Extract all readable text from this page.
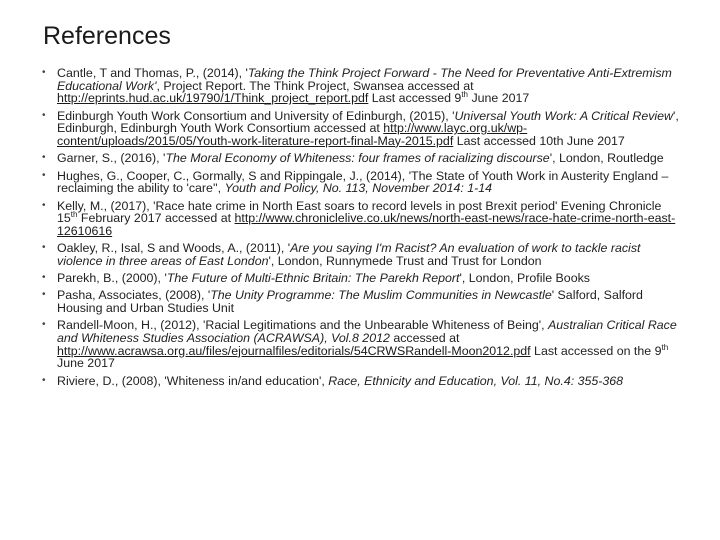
References
• Cantle, T and Thomas, P., (2014), 'Taking the Think Project Forward - The Need for Preventative Anti-Extremism Educational Work', Project Report. The Think Project, Swansea accessed at http://eprints.hud.ac.uk/19790/1/Think_project_report.pdf Last accessed 9th June 2017
• Edinburgh Youth Work Consortium and University of Edinburgh, (2015), 'Universal Youth Work: A Critical Review', Edinburgh, Edinburgh Youth Work Consortium accessed at http://www.layc.org.uk/wp-content/uploads/2015/05/Youth-work-literature-report-final-May-2015.pdf Last accessed 10th June 2017
• Garner, S., (2016), 'The Moral Economy of Whiteness: four frames of racializing discourse', London, Routledge
• Hughes, G., Cooper, C., Gormally, S and Rippingale, J., (2014), 'The State of Youth Work in Austerity England – reclaiming the ability to 'care'', Youth and Policy, No. 113, November 2014: 1-14
• Kelly, M., (2017), 'Race hate crime in North East soars to record levels in post Brexit period' Evening Chronicle 15th February 2017 accessed at http://www.chroniclelive.co.uk/news/north-east-news/race-hate-crime-north-east-12610616
• Oakley, R., Isal, S and Woods, A., (2011), 'Are you saying I'm Racist? An evaluation of work to tackle racist violence in three areas of East London', London, Runnymede Trust and Trust for London
• Parekh, B., (2000), 'The Future of Multi-Ethnic Britain: The Parekh Report', London, Profile Books
• Pasha, Associates, (2008), 'The Unity Programme: The Muslim Communities in Newcastle' Salford, Salford Housing and Urban Studies Unit
• Randell-Moon, H., (2012), 'Racial Legitimations and the Unbearable Whiteness of Being', Australian Critical Race and Whiteness Studies Association (ACRAWSA), Vol.8 2012 accessed at http://www.acrawsa.org.au/files/ejournalfiles/editorials/54CRWSRandell-Moon2012.pdf Last accessed on the 9th June 2017
• Riviere, D., (2008), 'Whiteness in/and education', Race, Ethnicity and Education, Vol. 11, No.4: 355-368
